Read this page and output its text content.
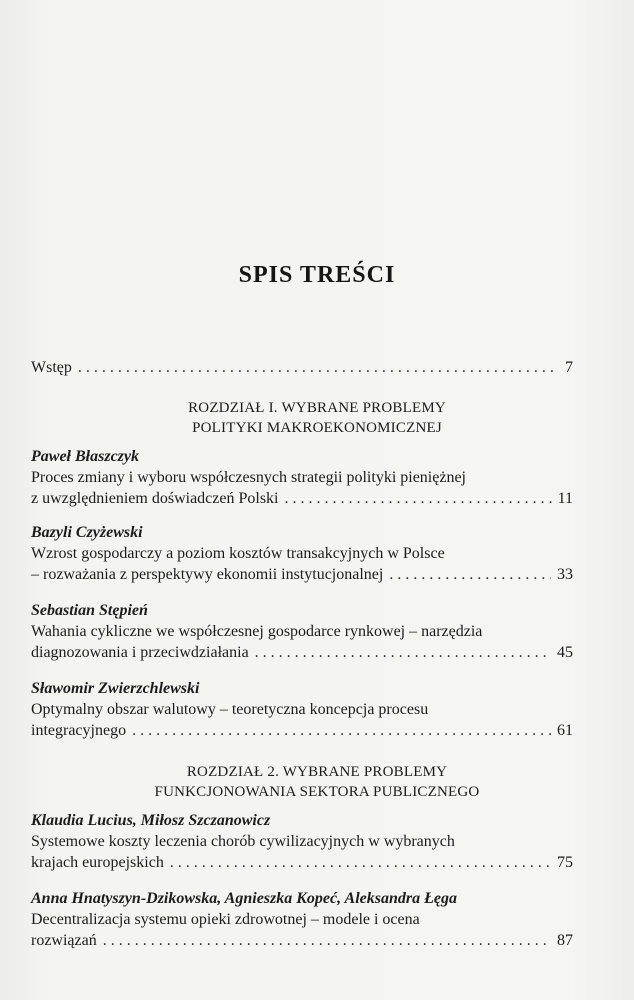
SPIS TREŚCI
Wstęp . . .	7
ROZDZIAŁ I. WYBRANE PROBLEMY
POLITYKI MAKROEKONOMICZNEJ
Paweł Błaszczyk
Proces zmiany i wyboru współczesnych strategii polityki pieniężnej
z uwzględnieniem doświadczeń Polski . . .	11
Bazyli Czyżewski
Wzrost gospodarczy a poziom kosztów transakcyjnych w Polsce
– rozważania z perspektywy ekonomii instytucjonalnej . . .	33
Sebastian Stępień
Wahania cykliczne we współczesnej gospodarce rynkowej – narzędzia
diagnozowania i przeciwdziałania . . .	45
Sławomir Zwierzchlewski
Optymalny obszar walutowy – teoretyczna koncepcja procesu
integracyjnego . . .	61
ROZDZIAŁ 2. WYBRANE PROBLEMY
FUNKCJONOWANIA SEKTORA PUBLICZNEGO
Klaudia Lucius, Miłosz Szczanowicz
Systemowe koszty leczenia chorób cywilizacyjnych w wybranych
krajach europejskich . . .	75
Anna Hnatyszyn-Dzikowska, Agnieszka Kopeć, Aleksandra Łęga
Decentralizacja systemu opieki zdrowotnej – modele i ocena
rozwiązań . . .	87
